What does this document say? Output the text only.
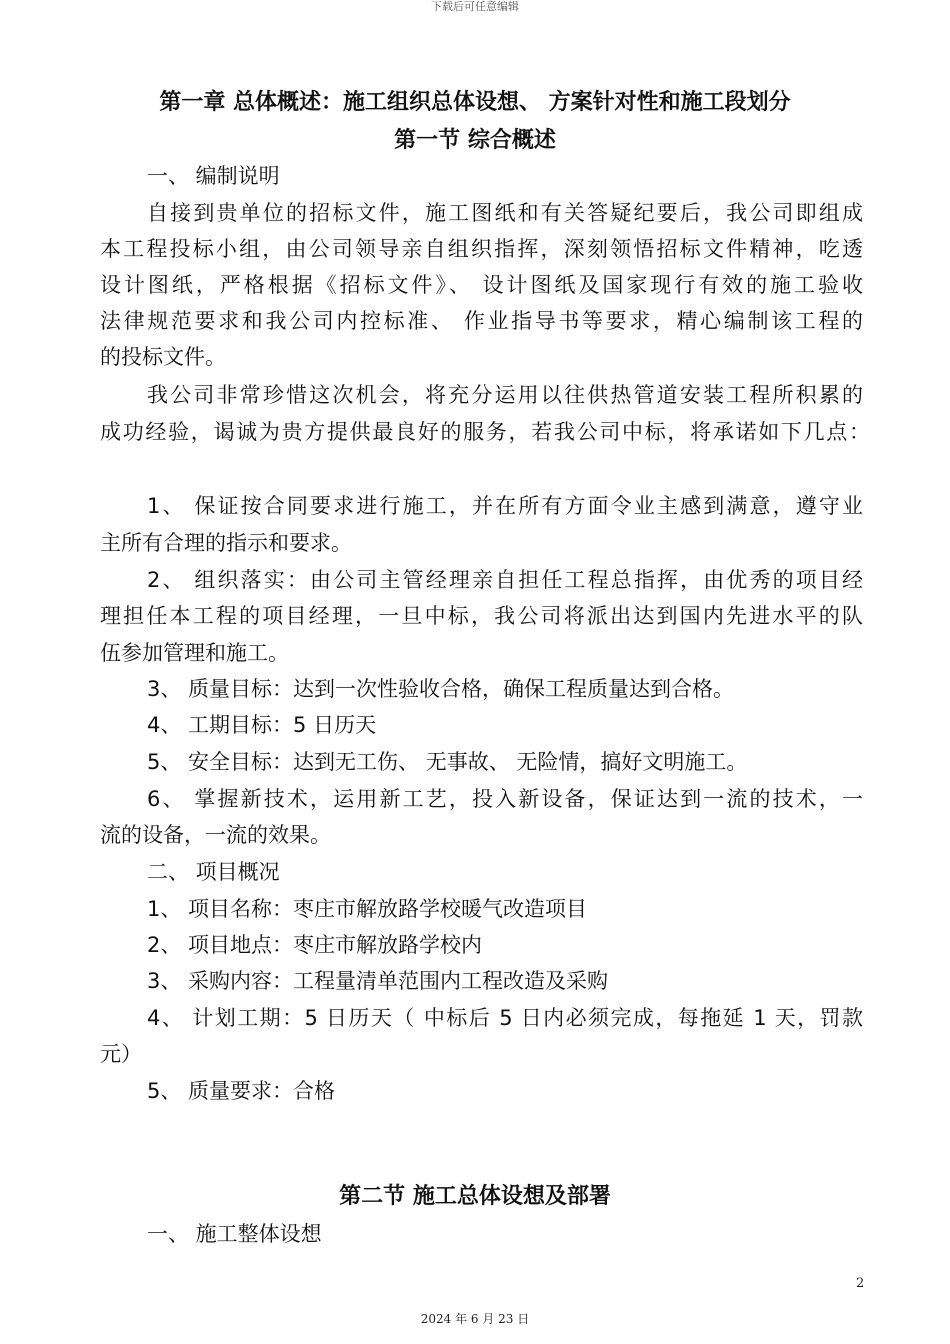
下载后可任意编辑
第一章 总体概述：施工组织总体设想、 方案针对性和施工段划分
第一节 综合概述
一、 编制说明
自接到贵单位的招标文件，施工图纸和有关答疑纪要后，我公司即组成
本工程投标小组，由公司领导亲自组织指挥，深刻领悟招标文件精神，吃透
设计图纸，严格根据《招标文件》、 设计图纸及国家现行有效的施工验收
法律规范要求和我公司内控标准、 作业指导书等要求，精心编制该工程的
的投标文件。
我公司非常珍惜这次机会，将充分运用以往供热管道安装工程所积累的
成功经验，谒诚为贵方提供最良好的服务，若我公司中标，将承诺如下几点：
1、 保证按合同要求进行施工，并在所有方面令业主感到满意，遵守业
主所有合理的指示和要求。
2、 组织落实：由公司主管经理亲自担任工程总指挥，由优秀的项目经
理担任本工程的项目经理，一旦中标，我公司将派出达到国内先进水平的队
伍参加管理和施工。
3、 质量目标：达到一次性验收合格，确保工程质量达到合格。
4、 工期目标：5 日历天
5、 安全目标：达到无工伤、 无事故、 无险情，搞好文明施工。
6、 掌握新技术，运用新工艺，投入新设备，保证达到一流的技术，一
流的设备，一流的效果。
二、 项目概况
1、 项目名称：枣庄市解放路学校暖气改造项目
2、 项目地点：枣庄市解放路学校内
3、 采购内容：工程量清单范围内工程改造及采购
4、 计划工期：5 日历天（ 中标后 5 日内必须完成，每拖延 1 天，罚款
元）
5、 质量要求：合格
第二节 施工总体设想及部署
一、 施工整体设想
2
2024 年 6 月 23 日
